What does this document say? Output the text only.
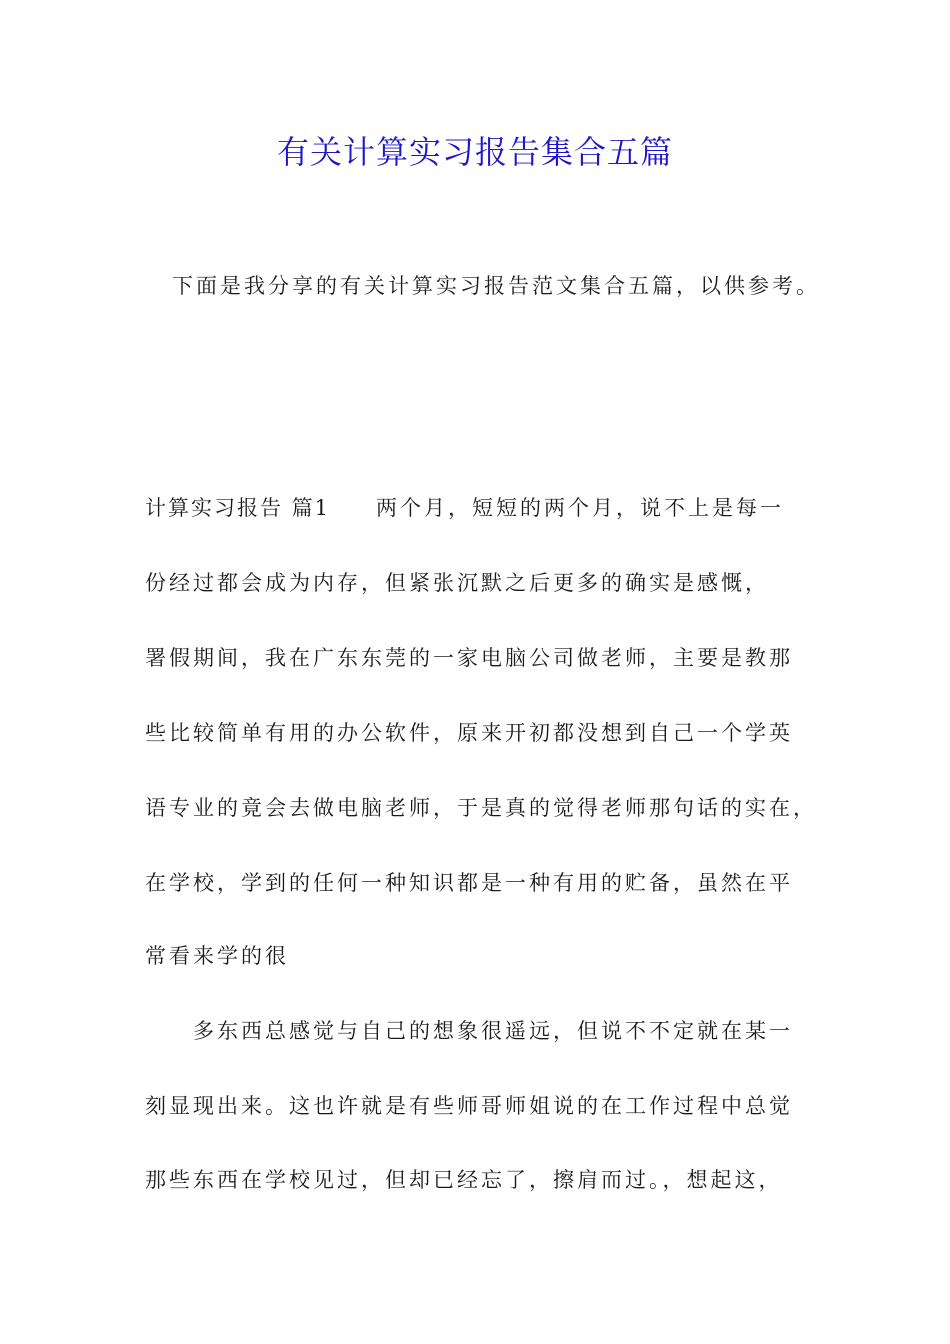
有关计算实习报告集合五篇
下面是我分享的有关计算实习报告范文集合五篇，以供参考。
计算实习报告 篇1 两个月，短短的两个月，说不上是每一
份经过都会成为内存，但紧张沉默之后更多的确实是感慨，
署假期间，我在广东东莞的一家电脑公司做老师，主要是教那
些比较简单有用的办公软件，原来开初都没想到自己一个学英
语专业的竟会去做电脑老师，于是真的觉得老师那句话的实在，
在学校，学到的任何一种知识都是一种有用的贮备，虽然在平
常看来学的很
多东西总感觉与自己的想象很遥远，但说不不定就在某一
刻显现出来。这也许就是有些师哥师姐说的在工作过程中总觉
那些东西在学校见过，但却已经忘了，擦肩而过。，想起这，
